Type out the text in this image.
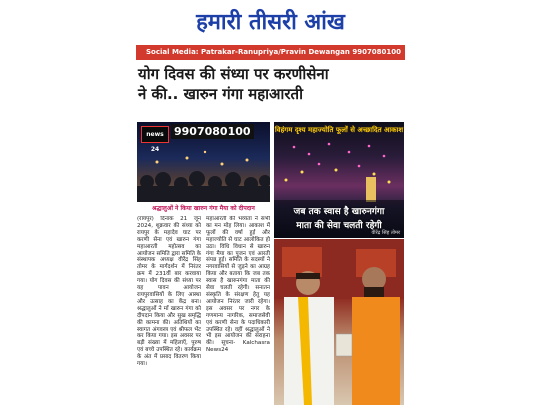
हमारी तीसरी आंख
Social Media: Patrakar-Ranupriya/Pravin Dewangan 9907080100
योग दिवस की संध्या पर करणीसेना
ने की.. खारुन गंगा महाआरती
news 24
9907080100
श्रद्धालुओं ने किया खारुन गंगा मैया को दीपदान
विहंगम दृश्य महाज्योति फूलों से अच्छादित आकाश
जब तक स्वास है खारुनगंगा
माता की सेवा चलती रहेगी
वीरेंद्र सिंह तोमर
(रायपुर) दिनांक 21 जून 2024, शुक्रवार की संध्या को रायपुर के महादेव घाट पर करणी सेना एवं खारुन गंगा महाआरती महोत्सव का आयोजन समिति द्वारा समिति के संस्थापक अध्यक्ष वीरेंद्र सिंह तोमर के मार्गदर्शन में निरंतर क्रम में 231वीं बार करवाया गया। योग दिवस की संध्या पर यह पावन आयोजन रायपुरवासियों के लिए आस्था और उत्साह का केंद्र बना। श्रद्धालुओं ने माँ खारुन गंगा को दीपदान किया और सुख समृद्धि की कामना की। अतिथियों का स्वागत अंगवस्त्र एवं श्रीफल भेंट कर किया गया। इस अवसर पर बड़ी संख्या में महिलाएँ, पुरुष एवं बच्चे उपस्थित रहे। कार्यक्रम के अंत में प्रसाद वितरण किया गया।
महाआरती की भव्यता ने सभी का मन मोह लिया। आकाश में फूलों की वर्षा हुई और महाज्योति से घाट आलोकित हो उठा। विधि विधान से खारुन गंगा मैया का पूजन एवं आरती संपन्न हुई। समिति के सदस्यों ने नगरवासियों से जुड़ने का आग्रह किया और बताया कि जब तक स्वास है खारुनगंगा माता की सेवा चलती रहेगी। सनातन संस्कृति के संरक्षण हेतु यह आयोजन निरंतर जारी रहेगा। इस अवसर पर नगर के गणमान्य नागरिक, समाजसेवी एवं करणी सेना के पदाधिकारी उपस्थित रहे। वहीं श्रद्धालुओं ने भी इस आयोजन की सराहना की। सूचना- Kalchasra News24
